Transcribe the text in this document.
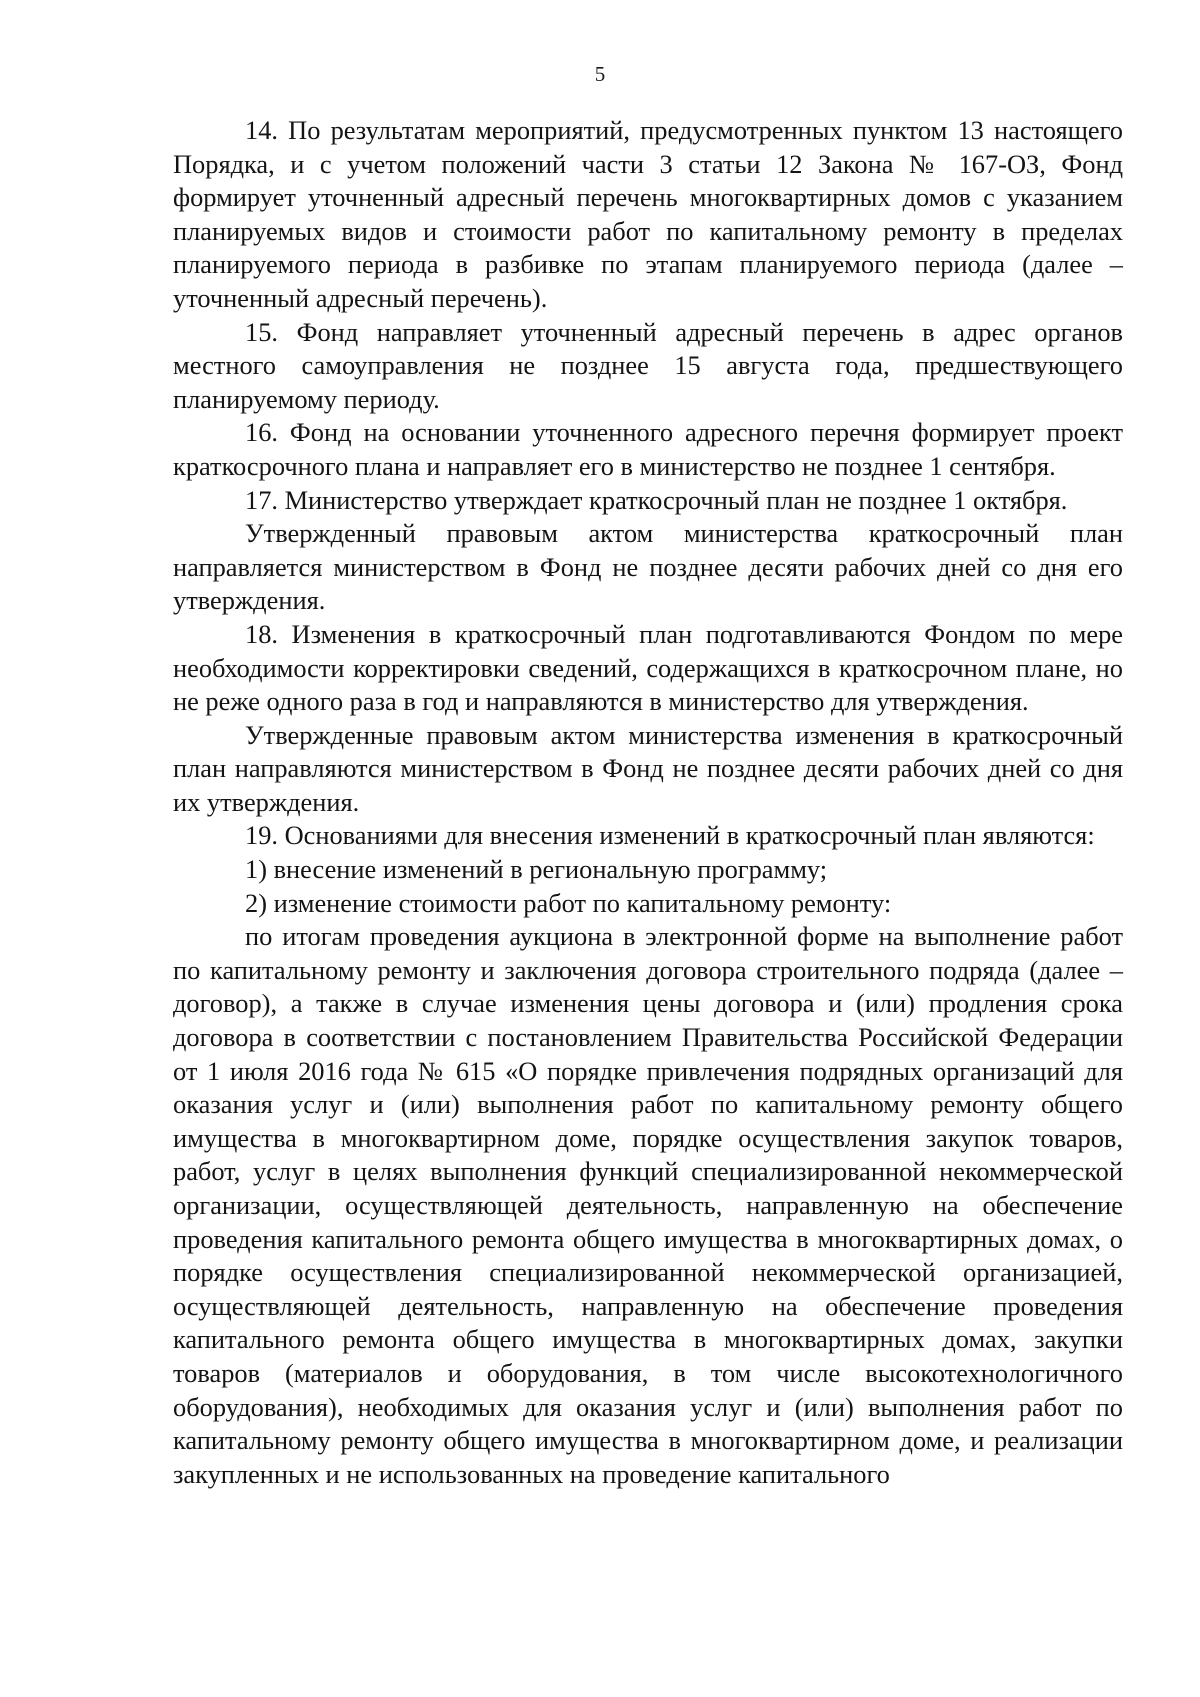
5

14. По результатам мероприятий, предусмотренных пунктом 13 настоящего Порядка, и с учетом положений части 3 статьи 12 Закона № 167-ОЗ, Фонд формирует уточненный адресный перечень многоквартирных домов с указанием планируемых видов и стоимости работ по капитальному ремонту в пределах планируемого периода в разбивке по этапам планируемого периода (далее – уточненный адресный перечень).

15. Фонд направляет уточненный адресный перечень в адрес органов местного самоуправления не позднее 15 августа года, предшествующего планируемому периоду.

16. Фонд на основании уточненного адресного перечня формирует проект краткосрочного плана и направляет его в министерство не позднее 1 сентября.

17. Министерство утверждает краткосрочный план не позднее 1 октября.

Утвержденный правовым актом министерства краткосрочный план направляется министерством в Фонд не позднее десяти рабочих дней со дня его утверждения.

18. Изменения в краткосрочный план подготавливаются Фондом по мере необходимости корректировки сведений, содержащихся в краткосрочном плане, но не реже одного раза в год и направляются в министерство для утверждения.

Утвержденные правовым актом министерства изменения в краткосрочный план направляются министерством в Фонд не позднее десяти рабочих дней со дня их утверждения.

19. Основаниями для внесения изменений в краткосрочный план являются:

1) внесение изменений в региональную программу;

2) изменение стоимости работ по капитальному ремонту:

по итогам проведения аукциона в электронной форме на выполнение работ по капитальному ремонту и заключения договора строительного подряда (далее – договор), а также в случае изменения цены договора и (или) продления срока договора в соответствии с постановлением Правительства Российской Федерации от 1 июля 2016 года № 615 «О порядке привлечения подрядных организаций для оказания услуг и (или) выполнения работ по капитальному ремонту общего имущества в многоквартирном доме, порядке осуществления закупок товаров, работ, услуг в целях выполнения функций специализированной некоммерческой организации, осуществляющей деятельность, направленную на обеспечение проведения капитального ремонта общего имущества в многоквартирных домах, о порядке осуществления специализированной некоммерческой организацией, осуществляющей деятельность, направленную на обеспечение проведения капитального ремонта общего имущества в многоквартирных домах, закупки товаров (материалов и оборудования, в том числе высокотехнологичного оборудования), необходимых для оказания услуг и (или) выполнения работ по капитальному ремонту общего имущества в многоквартирном доме, и реализации закупленных и не использованных на проведение капитального
